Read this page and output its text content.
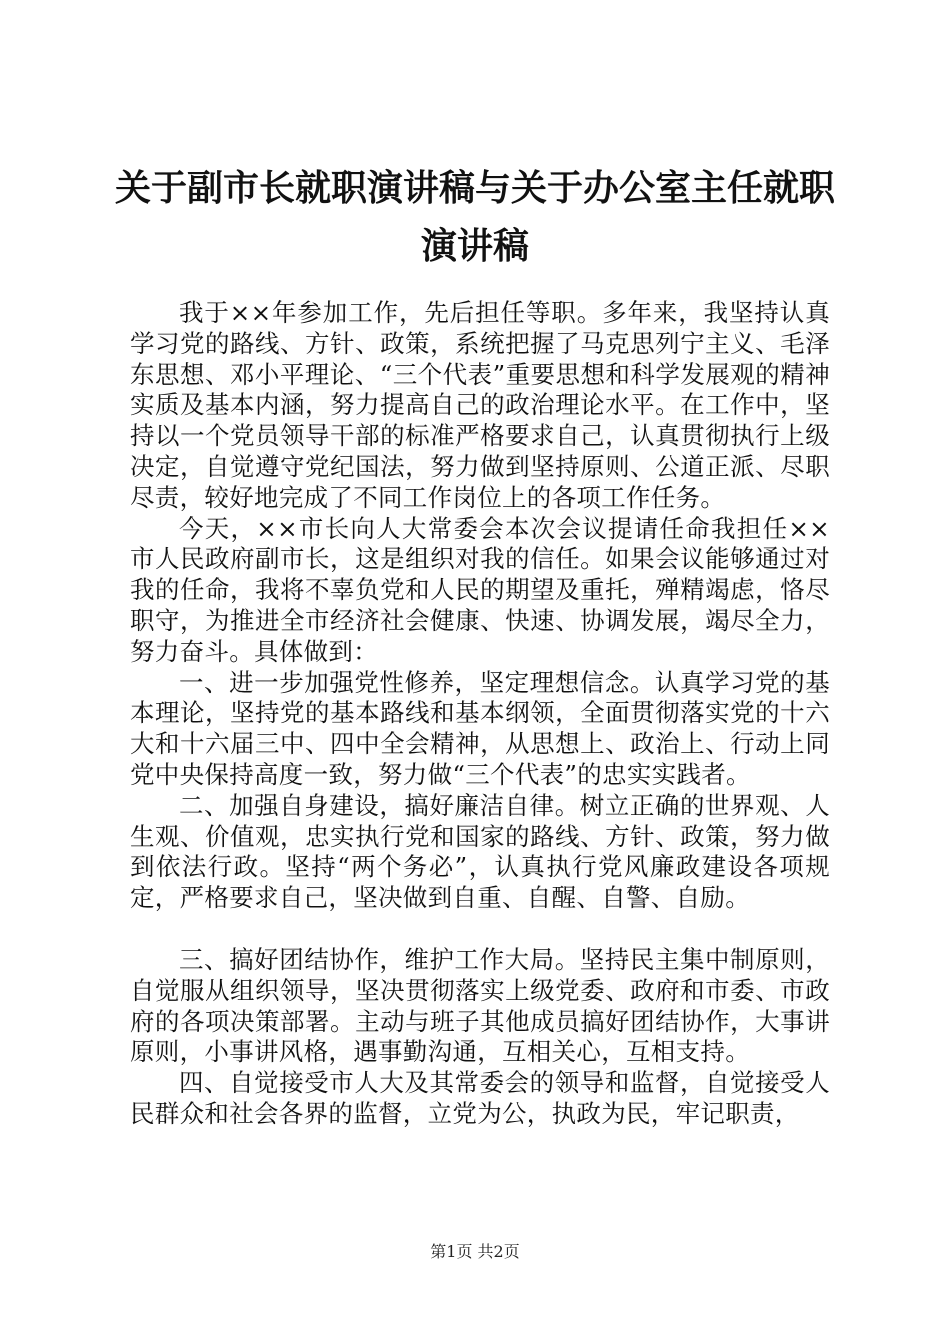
关于副市长就职演讲稿与关于办公室主任就职演讲稿

我于××年参加工作，先后担任等职。多年来，我坚持认真学习党的路线、方针、政策，系统把握了马克思列宁主义、毛泽东思想、邓小平理论、“三个代表”重要思想和科学发展观的精神实质及基本内涵，努力提高自己的政治理论水平。在工作中，坚持以一个党员领导干部的标准严格要求自己，认真贯彻执行上级决定，自觉遵守党纪国法，努力做到坚持原则、公道正派、尽职尽责，较好地完成了不同工作岗位上的各项工作任务。

今天，××市长向人大常委会本次会议提请任命我担任××市人民政府副市长，这是组织对我的信任。如果会议能够通过对我的任命，我将不辜负党和人民的期望及重托，殚精竭虑，恪尽职守，为推进全市经济社会健康、快速、协调发展，竭尽全力，努力奋斗。具体做到：

一、进一步加强党性修养，坚定理想信念。认真学习党的基本理论，坚持党的基本路线和基本纲领，全面贯彻落实党的十六大和十六届三中、四中全会精神，从思想上、政治上、行动上同党中央保持高度一致，努力做“三个代表”的忠实实践者。

二、加强自身建设，搞好廉洁自律。树立正确的世界观、人生观、价值观，忠实执行党和国家的路线、方针、政策，努力做到依法行政。坚持“两个务必”，认真执行党风廉政建设各项规定，严格要求自己，坚决做到自重、自醒、自警、自励。

三、搞好团结协作，维护工作大局。坚持民主集中制原则，自觉服从组织领导，坚决贯彻落实上级党委、政府和市委、市政府的各项决策部署。主动与班子其他成员搞好团结协作，大事讲原则，小事讲风格，遇事勤沟通，互相关心，互相支持。

四、自觉接受市人大及其常委会的领导和监督，自觉接受人民群众和社会各界的监督，立党为公，执政为民，牢记职责，

第1页 共2页
